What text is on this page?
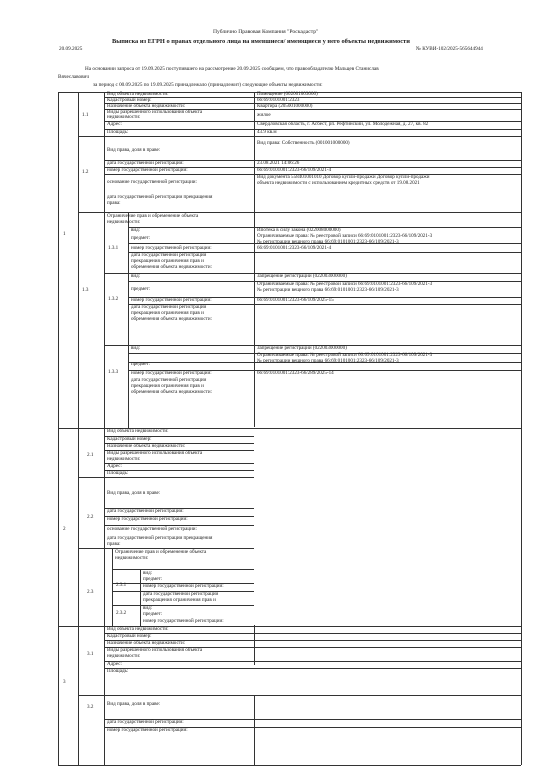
Публично Правовая Компания "Роскадастр"
20.09.2025
Выписка из ЕГРН о правах отдельного лица на имевшиеся/ имеющиеся у него объекты недвижимости
№ КУВИ-102/2025-565644944
На основании запроса от 19.09.2025 поступившего на рассмотрение 20.09.2025 сообщаем, что правообладателю Мальцев Станислав
Вячеславович
за период с 00.09.2025 по 19.09.2025 принадлежало (принадлежит) следующие объекты недвижимости:
1
2
3
1.1
1.2
1.3
Вид объекта недвижимости:
Кадастровый номер:
Назначение объекта недвижимости:
Виды разрешенного использования объекта
недвижимости:
Адрес:
Площадь:
Вид права, доля в праве:
дата государственной регистрации:
номер государственной регистрации:
основание государственной регистрации:
дата государственной регистрации прекращения
права:
Ограничение прав и обременение объекта
недвижимости:
Помещение (002001003000)
66:69:0101001:2323
Квартира (205001000000)
жилое
Свердловская область, г. Асбест, рп. Рефтинский, ул. Молодежная, д. 27, кв. 82
43.9 кв.м
Вид права: Собственность (001001000000)
23.08.2021 14:06:26
66:69:0101001:2323-66/109/2021-4
Вид документа 558401001010 Договор купли-продажи Договор купли-продажи
объекта недвижимости с использованием кредитных средств от 19.08.2021
1.3.1
вид:
предмет:
номер государственной регистрации:
дата государственной регистрации
прекращения ограничения прав и
обременения объекта недвижимости:
Ипотека в силу закона (022008000000)
Ограничиваемые права: № реестровой записи 66:69:0101001:2323-66/109/2021-3
№ регистрации вещного права 66:69:0101001:2323-66/109/2021-3
66:69:0101001:2323-66/109/2021-4
1.3.2
вид:
предмет:
номер государственной регистрации:
дата государственной регистрации
прекращения ограничения прав и
обременения объекта недвижимости:
Запрещение регистрации (022003000000)
Ограничиваемые права: № реестровой записи 66:69:0101001:2323-66/109/2021-3
№ регистрации вещного права 66:69:0101001:2323-66/109/2021-3
66:69:0101001:2323-66/109/2025-15
1.3.3
вид:
предмет:
номер государственной регистрации:
дата государственной регистрации
прекращения ограничения прав и
обременения объекта недвижимости:
Запрещение регистрации (022003000000)
Ограничиваемые права: № реестровой записи 66:69:0101001:2323-66/109/2021-3
№ регистрации вещного права 66:69:0101001:2323-66/109/2021-3
66:69:0101001:2323-66/289/2025-14
2.1
2.2
2.3
2.3.1
2.3.2
Вид объекта недвижимости:
Кадастровый номер:
Назначение объекта недвижимости:
Виды разрешенного использования объекта
недвижимости:
Адрес:
Площадь:
Вид права, доля в праве:
дата государственной регистрации:
номер государственной регистрации:
основание государственной регистрации:
дата государственной регистрации прекращения
права:
Ограничение прав и обременение объекта
недвижимости:
вид:
предмет:
номер государственной регистрации:
дата государственной регистрации
прекращения ограничения прав и
вид:
предмет:
номер государственной регистрации:
3.1
3.2
Вид объекта недвижимости:
Кадастровый номер:
Назначение объекта недвижимости:
Виды разрешенного использования объекта
недвижимости:
Адрес:
Площадь:
Вид права, доля в праве:
дата государственной регистрации:
номер государственной регистрации:
